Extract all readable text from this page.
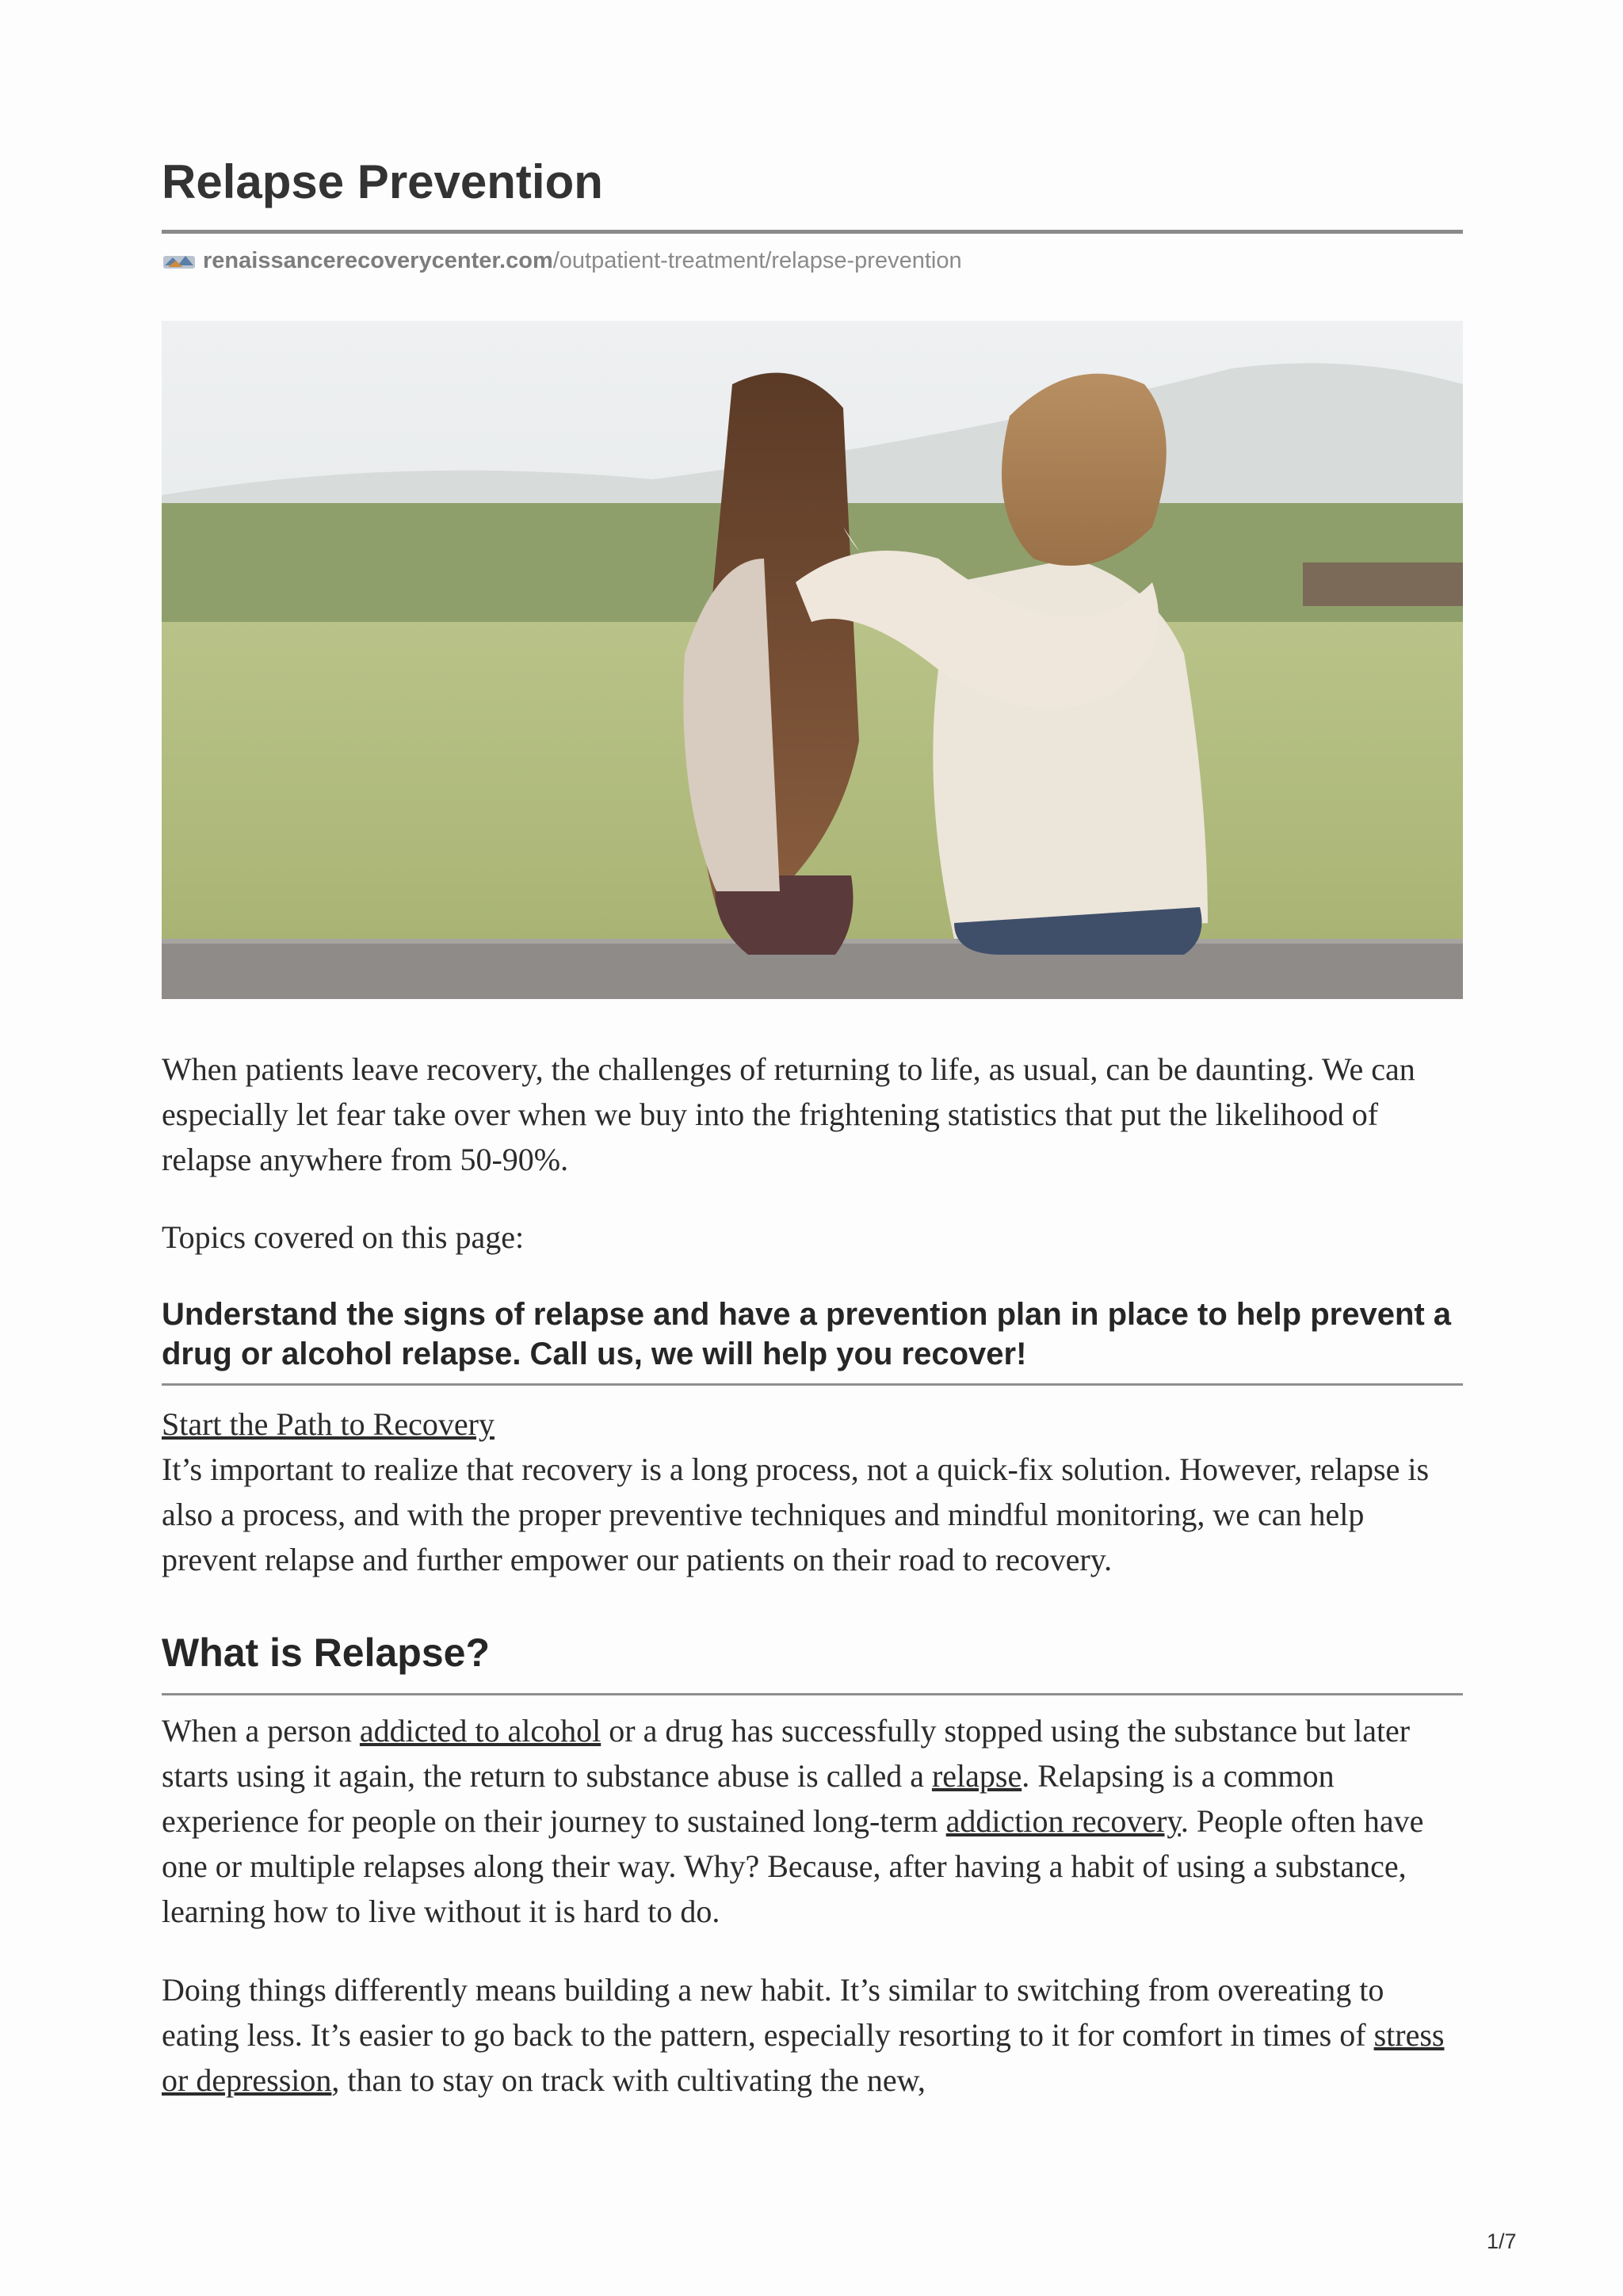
Relapse Prevention
renaissancerecoverycenter.com /outpatient-treatment/relapse-prevention

When patients leave recovery, the challenges of returning to life, as usual, can be daunting. We can especially let fear take over when we buy into the frightening statistics that put the likelihood of relapse anywhere from 50-90%.

Topics covered on this page:

Understand the signs of relapse and have a prevention plan in place to help prevent a drug or alcohol relapse. Call us, we will help you recover!
Start the Path to Recovery

It’s important to realize that recovery is a long process, not a quick-fix solution. However, relapse is also a process, and with the proper preventive techniques and mindful monitoring, we can help prevent relapse and further empower our patients on their road to recovery.

What is Relapse?

When a person addicted to alcohol or a drug has successfully stopped using the substance but later starts using it again, the return to substance abuse is called a relapse. Relapsing is a common experience for people on their journey to sustained long-term addiction recovery. People often have one or multiple relapses along their way. Why? Because, after having a habit of using a substance, learning how to live without it is hard to do.

Doing things differently means building a new habit. It’s similar to switching from overeating to eating less. It’s easier to go back to the pattern, especially resorting to it for comfort in times of stress or depression, than to stay on track with cultivating the new,

1/7
